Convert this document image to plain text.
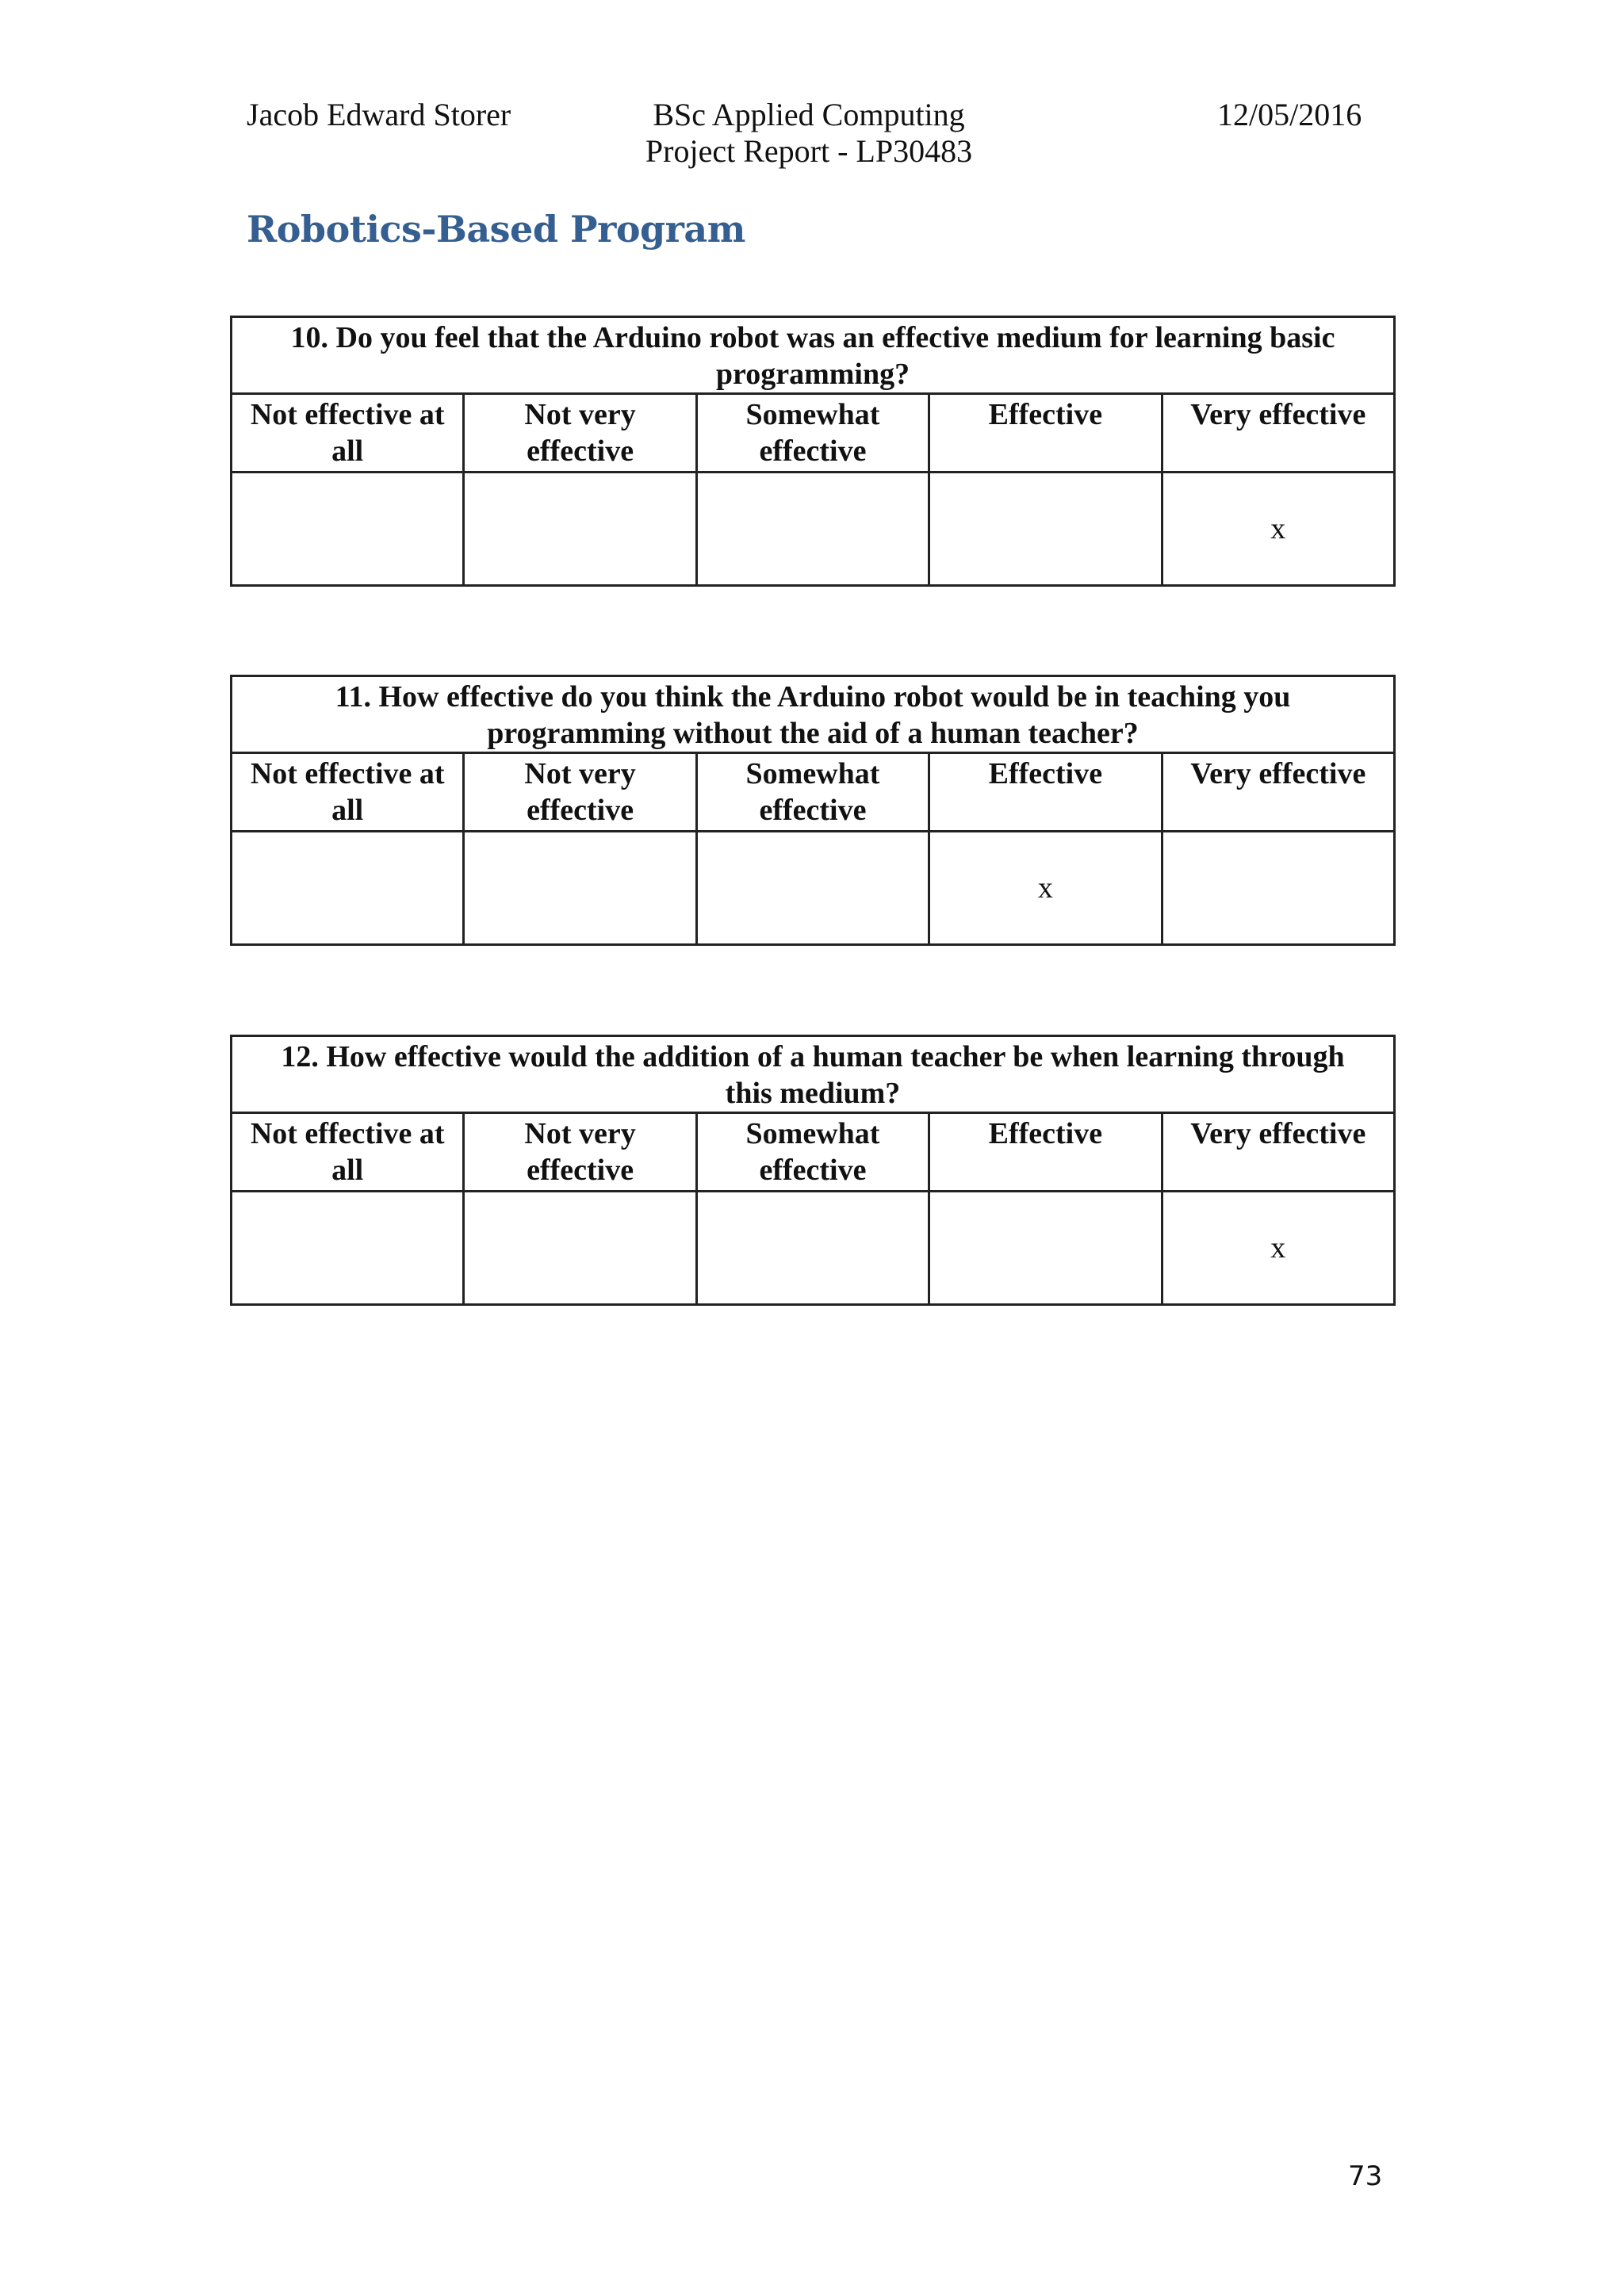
Jacob Edward Storer	BSc Applied Computing
Project Report - LP30483
12/05/2016
Robotics-Based Program
10. Do you feel that the Arduino robot was an effective medium for learning basic programming?				
Not effective at all	Not very effective	Somewhat effective	Effective	Very effective
				x
11. How effective do you think the Arduino robot would be in teaching you programming without the aid of a human teacher?				
Not effective at all	Not very effective	Somewhat effective	Effective	Very effective
			x	
12. How effective would the addition of a human teacher be when learning through this medium?				
Not effective at all	Not very effective	Somewhat effective	Effective	Very effective
				x
73
